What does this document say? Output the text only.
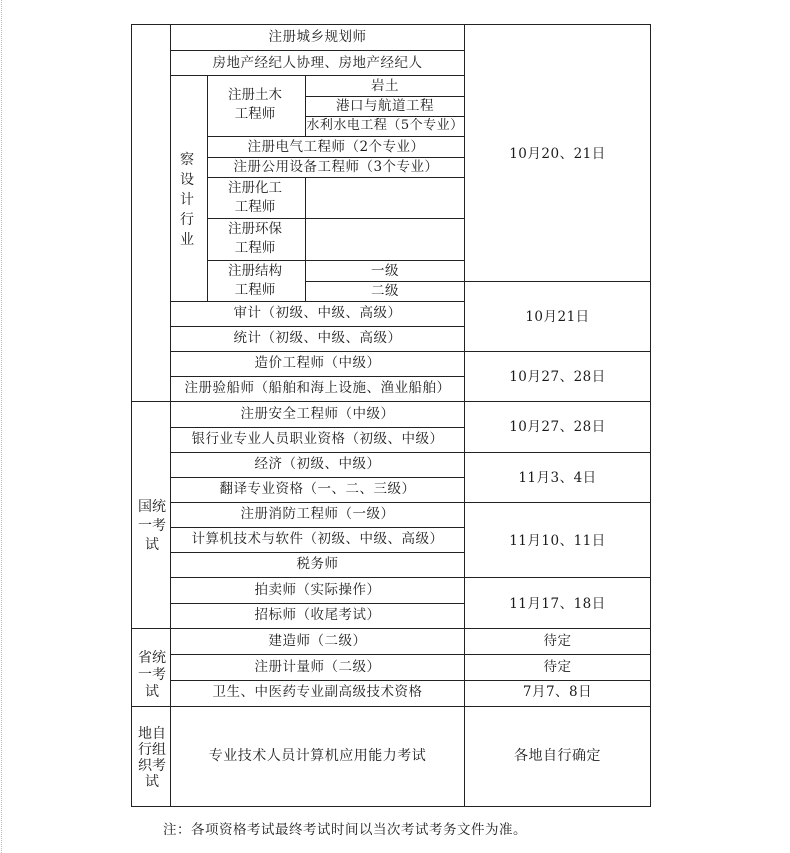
察设计行业
国统一考试
省统一考试
地自行组织考试
注册土木工程师
注册化工工程师
注册环保工程师
注册结构工程师
注册城乡规划师
房地产经纪人协理、房地产经纪人
岩土
港口与航道工程
水利水电工程（5个专业）
注册电气工程师（2个专业）
注册公用设备工程师（3个专业）
一级
二级
审计（初级、中级、高级）
统计（初级、中级、高级）
造价工程师（中级）
注册验船师（船舶和海上设施、渔业船舶）
注册安全工程师（中级）
银行业专业人员职业资格（初级、中级）
经济（初级、中级）
翻译专业资格（一、二、三级）
注册消防工程师（一级）
计算机技术与软件（初级、中级、高级）
税务师
拍卖师（实际操作）
招标师（收尾考试）
建造师（二级）
注册计量师（二级）
卫生、中医药专业副高级技术资格
专业技术人员计算机应用能力考试
10月20、21日
10月21日
10月27、28日
10月27、28日
11月3、4日
11月10、11日
11月17、18日
待定
待定
7月7、8日
各地自行确定
注：各项资格考试最终考试时间以当次考试考务文件为准。
